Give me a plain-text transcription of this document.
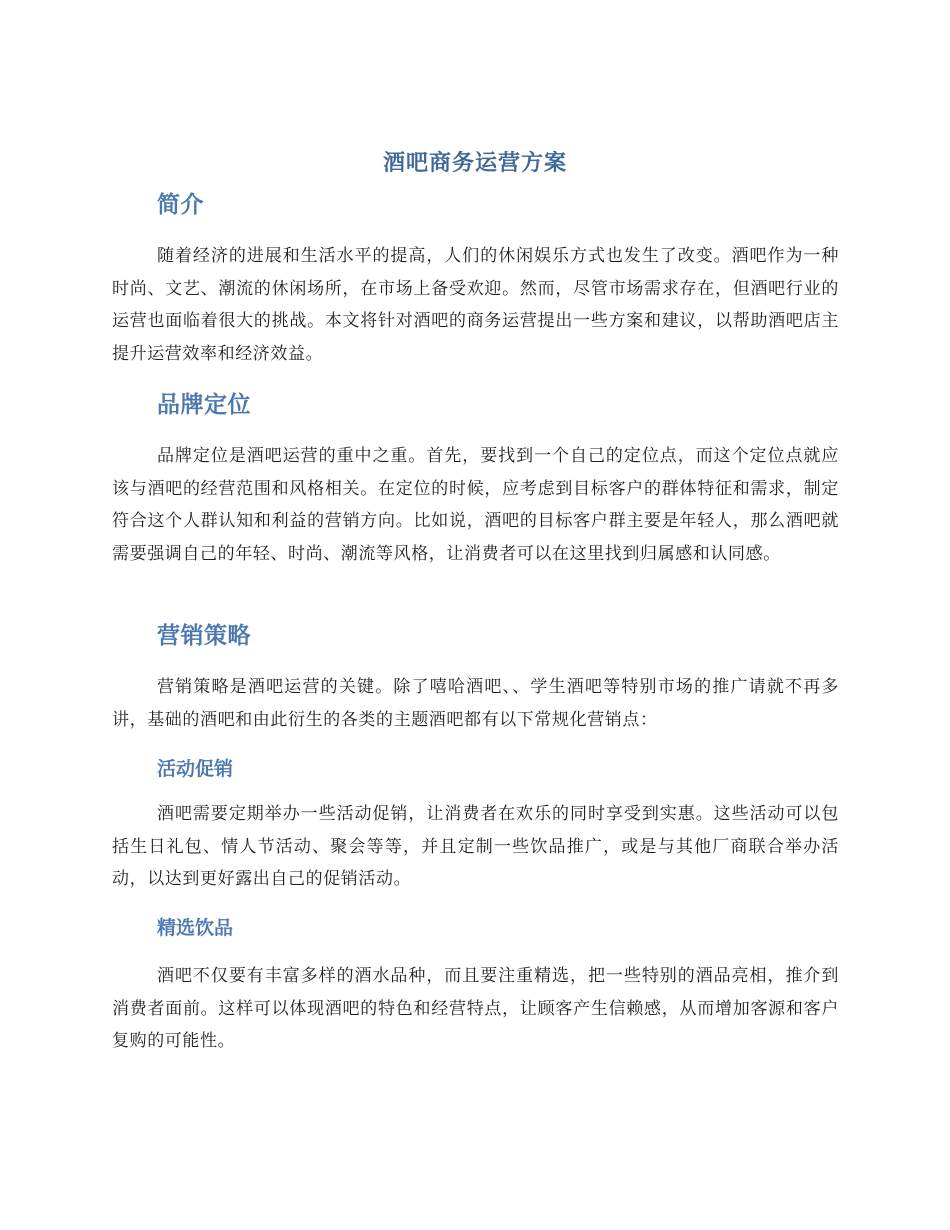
酒吧商务运营方案
简介
随着经济的进展和生活水平的提高，人们的休闲娱乐方式也发生了改变。酒吧作为一种时尚、文艺、潮流的休闲场所，在市场上备受欢迎。然而，尽管市场需求存在，但酒吧行业的运营也面临着很大的挑战。本文将针对酒吧的商务运营提出一些方案和建议，以帮助酒吧店主提升运营效率和经济效益。
品牌定位
品牌定位是酒吧运营的重中之重。首先，要找到一个自己的定位点，而这个定位点就应该与酒吧的经营范围和风格相关。在定位的时候，应考虑到目标客户的群体特征和需求，制定符合这个人群认知和利益的营销方向。比如说，酒吧的目标客户群主要是年轻人，那么酒吧就需要强调自己的年轻、时尚、潮流等风格，让消费者可以在这里找到归属感和认同感。
营销策略
营销策略是酒吧运营的关键。除了嘻哈酒吧、、学生酒吧等特别市场的推广请就不再多讲，基础的酒吧和由此衍生的各类的主题酒吧都有以下常规化营销点：
活动促销
酒吧需要定期举办一些活动促销，让消费者在欢乐的同时享受到实惠。这些活动可以包括生日礼包、情人节活动、聚会等等，并且定制一些饮品推广，或是与其他厂商联合举办活动，以达到更好露出自己的促销活动。
精选饮品
酒吧不仅要有丰富多样的酒水品种，而且要注重精选，把一些特别的酒品亮相，推介到消费者面前。这样可以体现酒吧的特色和经营特点，让顾客产生信赖感，从而增加客源和客户复购的可能性。
